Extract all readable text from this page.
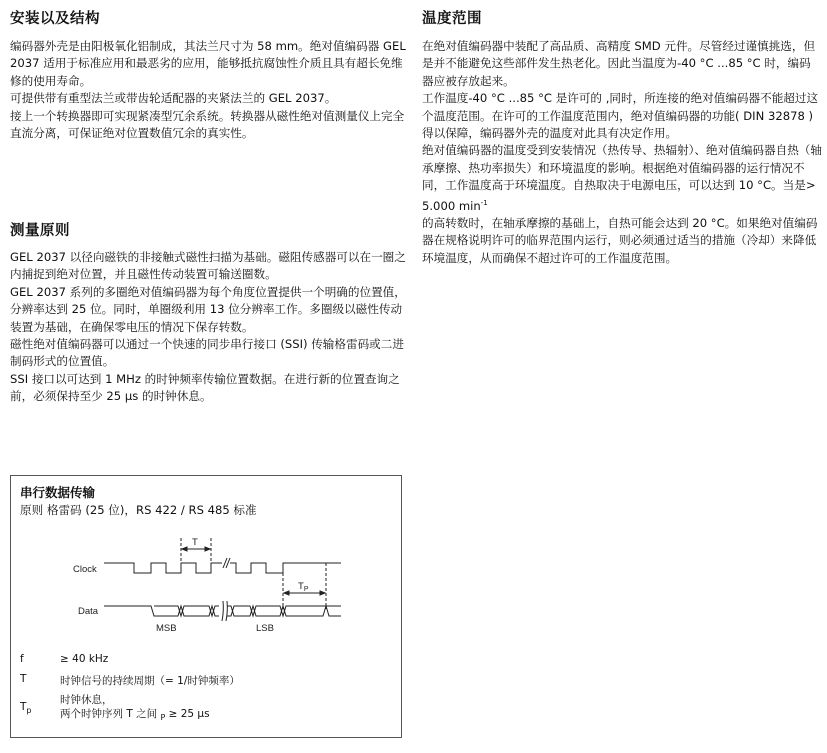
安装以及结构

编码器外壳是由阳极氧化铝制成，其法兰尺寸为 58 mm。绝对值编码器 GEL 2037 适用于标准应用和最恶劣的应用，能够抵抗腐蚀性介质且具有超长免维修的使用寿命。

可提供带有重型法兰或带齿轮适配器的夹紧法兰的 GEL 2037。

接上一个转换器即可实现紧凑型冗余系统。转换器从磁性绝对值测量仪上完全直流分离，可保证绝对位置数值冗余的真实性。

测量原则

GEL 2037 以径向磁铁的非接触式磁性扫描为基础。磁阻传感器可以在一圈之内捕捉到绝对位置，并且磁性传动装置可输送圈数。

GEL 2037 系列的多圈绝对值编码器为每个角度位置提供一个明确的位置值，分辨率达到 25 位。同时，单圈级利用 13 位分辨率工作。多圈级以磁性传动装置为基础，在确保零电压的情况下保存转数。

磁性绝对值编码器可以通过一个快速的同步串行接口 (SSI) 传输格雷码或二进制码形式的位置值。

SSI 接口以可达到 1 MHz 的时钟频率传输位置数据。在进行新的位置查询之前，必须保持至少 25 μs 的时钟休息。

串行数据传输
原则 格雷码 (25 位)，RS 422 / RS 485 标准
Clock
Data
T
$T_P$
MSB	LSB
f	≥ 40 kHz
T	时钟信号的持续周期（= 1/时钟频率）
$T_p$
时钟休息，
两个时钟序列 T 之间 $_P$ ≥ 25 μs
温度范围

在绝对值编码器中装配了高品质、高精度 SMD 元件。尽管经过谨慎挑选，但是并不能避免这些部件发生热老化。因此当温度为-40 °C ...85 °C 时，编码器应被存放起来。

工作温度-40 °C ...85 °C 是许可的 ,同时，所连接的绝对值编码器不能超过这个温度范围。在许可的工作温度范围内，绝对值编码器的功能( DIN 32878 )得以保障，编码器外壳的温度对此具有决定作用。

绝对值编码器的温度受到安装情况（热传导、热辐射）、绝对值编码器自热（轴承摩擦、热功率损失）和环境温度的影响。根据绝对值编码器的运行情况不同，工作温度高于环境温度。自热取决于电源电压，可以达到 10 °C。当是> 5.000 $\min^{-1}$

的高转数时，在轴承摩擦的基础上，自热可能会达到 20 °C。如果绝对值编码器在规格说明许可的临界范围内运行，则必须通过适当的措施（冷却）来降低环境温度，从而确保不超过许可的工作温度范围。
